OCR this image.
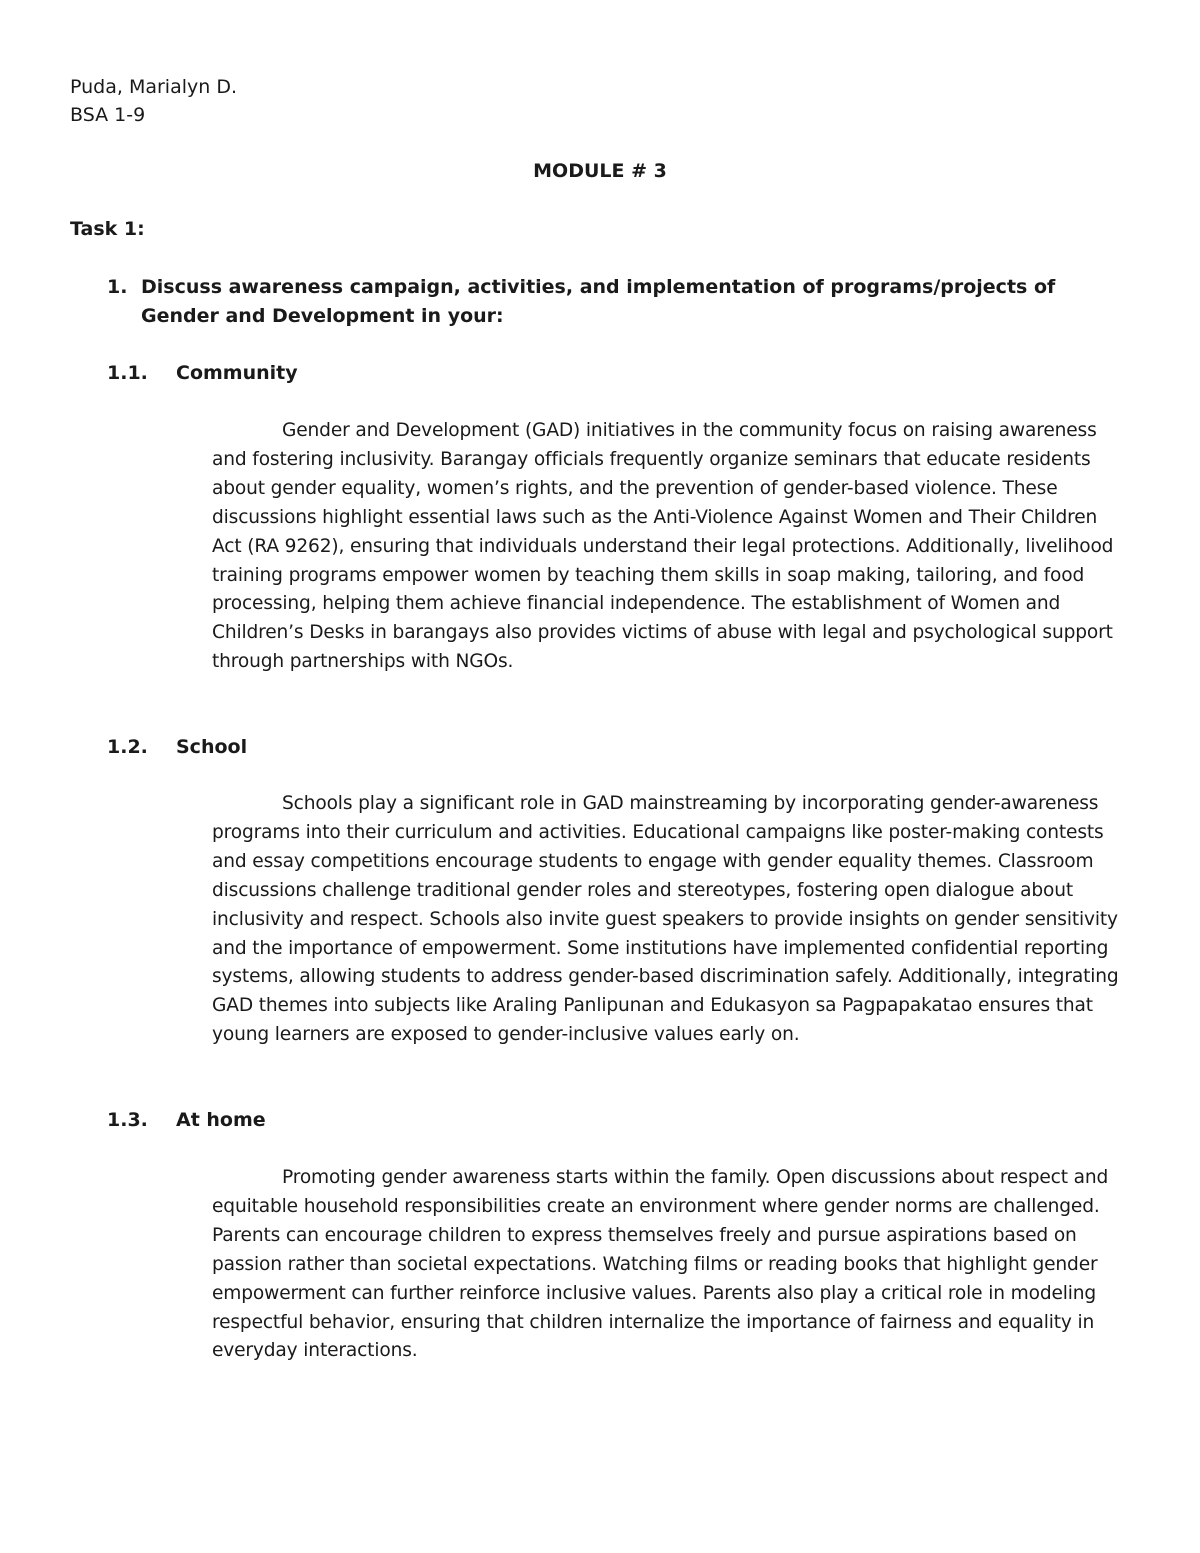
Puda, Marialyn D.
BSA 1-9
MODULE # 3
Task 1:
1. Discuss awareness campaign, activities, and implementation of programs/projects of Gender and Development in your:
1.1. Community
Gender and Development (GAD) initiatives in the community focus on raising awareness and fostering inclusivity. Barangay officials frequently organize seminars that educate residents about gender equality, women’s rights, and the prevention of gender-based violence. These discussions highlight essential laws such as the Anti-Violence Against Women and Their Children Act (RA 9262), ensuring that individuals understand their legal protections. Additionally, livelihood training programs empower women by teaching them skills in soap making, tailoring, and food processing, helping them achieve financial independence. The establishment of Women and Children’s Desks in barangays also provides victims of abuse with legal and psychological support through partnerships with NGOs.
1.2. School
Schools play a significant role in GAD mainstreaming by incorporating gender-awareness programs into their curriculum and activities. Educational campaigns like poster-making contests and essay competitions encourage students to engage with gender equality themes. Classroom discussions challenge traditional gender roles and stereotypes, fostering open dialogue about inclusivity and respect. Schools also invite guest speakers to provide insights on gender sensitivity and the importance of empowerment. Some institutions have implemented confidential reporting systems, allowing students to address gender-based discrimination safely. Additionally, integrating GAD themes into subjects like Araling Panlipunan and Edukasyon sa Pagpapakatao ensures that young learners are exposed to gender-inclusive values early on.
1.3. At home
Promoting gender awareness starts within the family. Open discussions about respect and equitable household responsibilities create an environment where gender norms are challenged. Parents can encourage children to express themselves freely and pursue aspirations based on passion rather than societal expectations. Watching films or reading books that highlight gender empowerment can further reinforce inclusive values. Parents also play a critical role in modeling respectful behavior, ensuring that children internalize the importance of fairness and equality in everyday interactions.
